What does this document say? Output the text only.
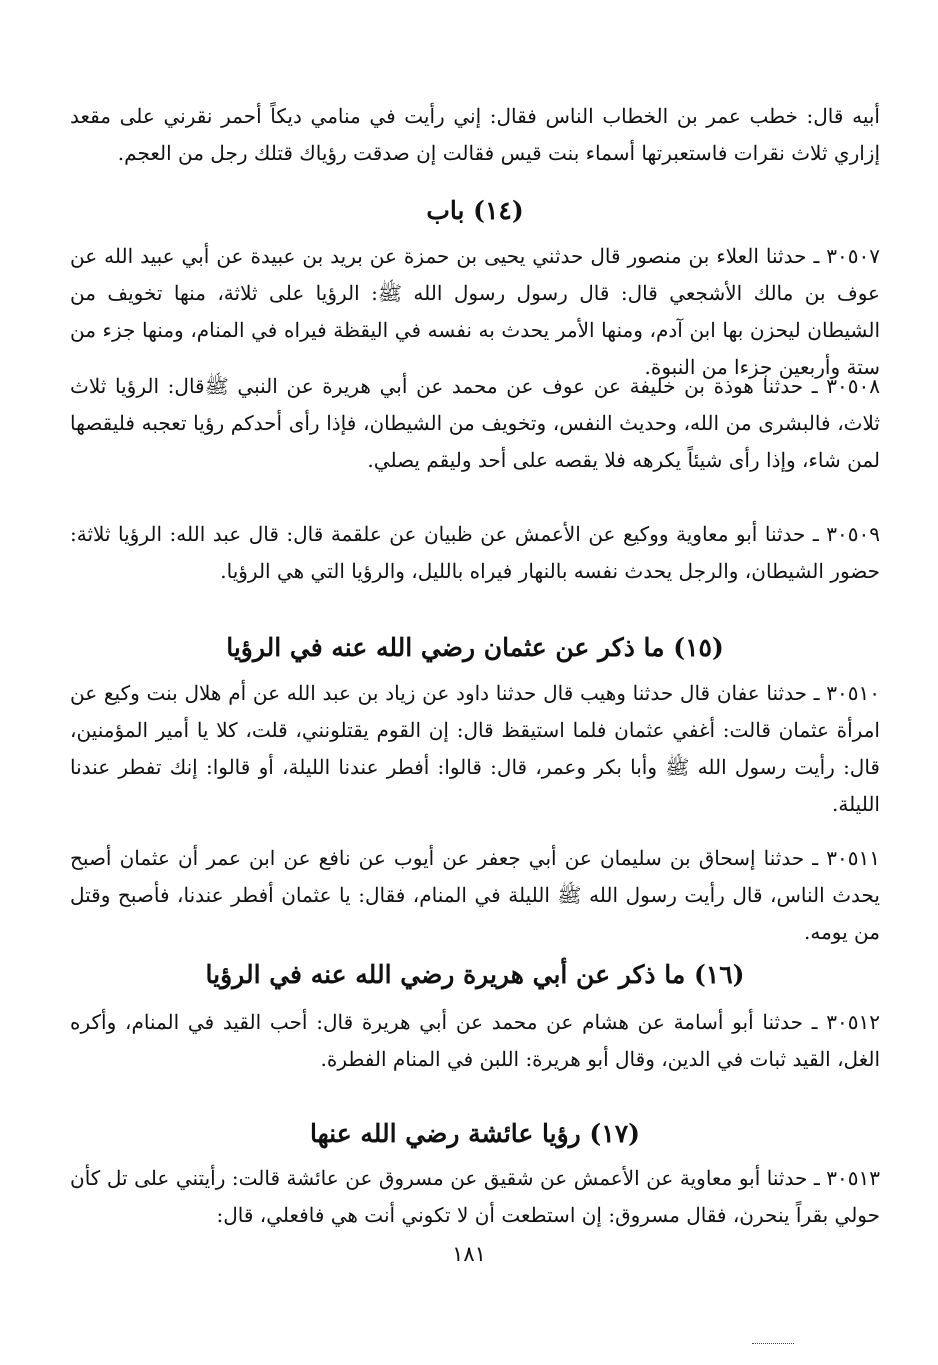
١٨١
أبيه قال: خطب عمر بن الخطاب الناس فقال: إني رأيت في منامي ديكاً أحمر نقرني على مقعد إزاري ثلاث نقرات فاستعبرتها أسماء بنت قيس فقالت إن صدقت رؤياك قتلك رجل من العجم.
(١٤) باب
٣٠٥٠٧ ـ حدثنا العلاء بن منصور قال حدثني يحيى بن حمزة عن بريد بن عبيدة عن أبي عبيد الله عن عوف بن مالك الأشجعي قال: قال رسول رسول الله ﷺ: الرؤيا على ثلاثة، منها تخويف من الشيطان ليحزن بها ابن آدم، ومنها الأمر يحدث به نفسه في اليقظة فيراه في المنام، ومنها جزء من ستة وأربعين جزءا من النبوة.
٣٠٥٠٨ ـ حدثنا هوذة بن خليفة عن عوف عن محمد عن أبي هريرة عن النبي ﷺقال: الرؤيا ثلاث ثلاث، فالبشرى من الله، وحديث النفس، وتخويف من الشيطان، فإذا رأى أحدكم رؤيا تعجبه فليقصها لمن شاء، وإذا رأى شيئاً يكرهه فلا يقصه على أحد وليقم يصلي.
٣٠٥٠٩ ـ حدثنا أبو معاوية ووكيع عن الأعمش عن ظبيان عن علقمة قال: قال عبد الله: الرؤيا ثلاثة: حضور الشيطان، والرجل يحدث نفسه بالنهار فيراه بالليل، والرؤيا التي هي الرؤيا.
(١٥) ما ذكر عن عثمان رضي الله عنه في الرؤيا
٣٠٥١٠ ـ حدثنا عفان قال حدثنا وهيب قال حدثنا داود عن زياد بن عبد الله عن أم هلال بنت وكيع عن امرأة عثمان قالت: أغفي عثمان فلما استيقظ قال: إن القوم يقتلونني، قلت، كلا يا أمير المؤمنين، قال: رأيت رسول الله ﷺ وأبا بكر وعمر، قال: قالوا: أفطر عندنا الليلة، أو قالوا: إنك تفطر عندنا الليلة.
٣٠٥١١ ـ حدثنا إسحاق بن سليمان عن أبي جعفر عن أيوب عن نافع عن ابن عمر أن عثمان أصبح يحدث الناس، قال رأيت رسول الله ﷺ الليلة في المنام، فقال: يا عثمان أفطر عندنا، فأصبح وقتل من يومه.
(١٦) ما ذكر عن أبي هريرة رضي الله عنه في الرؤيا
٣٠٥١٢ ـ حدثنا أبو أسامة عن هشام عن محمد عن أبي هريرة قال: أحب القيد في المنام، وأكره الغل، القيد ثبات في الدين، وقال أبو هريرة: اللبن في المنام الفطرة.
(١٧) رؤيا عائشة رضي الله عنها
٣٠٥١٣ ـ حدثنا أبو معاوية عن الأعمش عن شقيق عن مسروق عن عائشة قالت: رأيتني على تل كأن حولي بقراً ينحرن، فقال مسروق: إن استطعت أن لا تكوني أنت هي فافعلي، قال:
